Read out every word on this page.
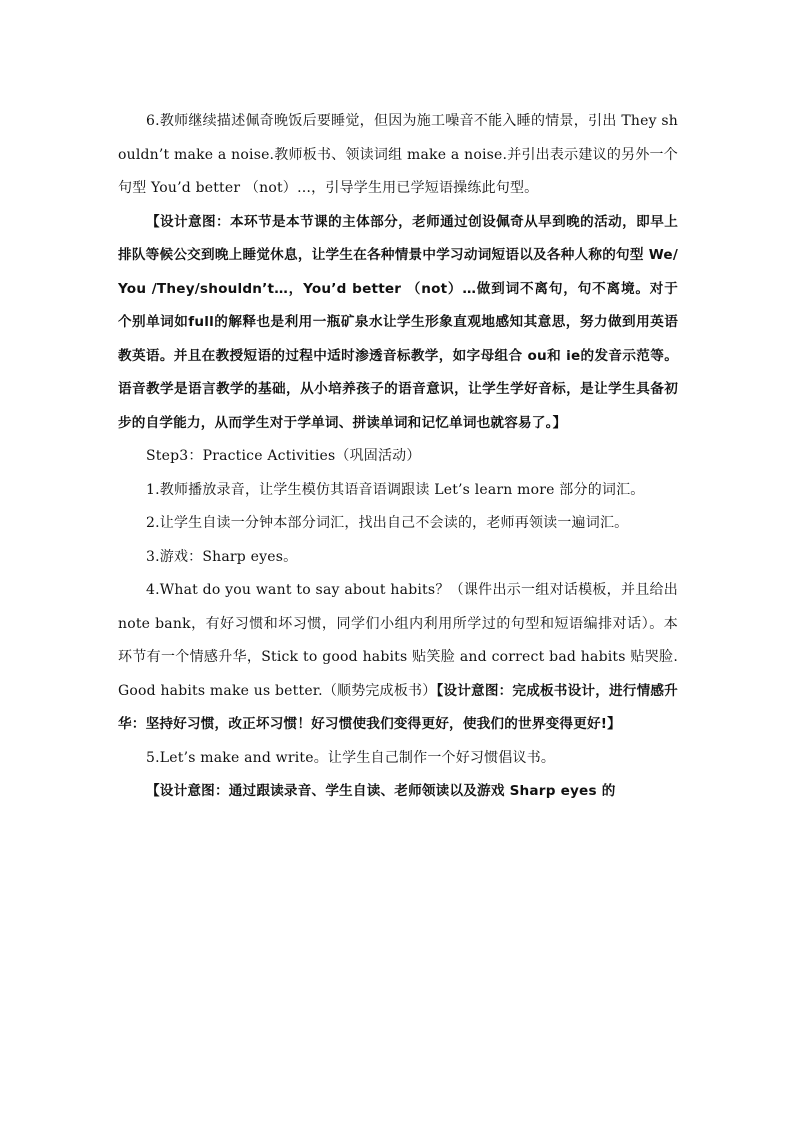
6.教师继续描述佩奇晚饭后要睡觉，但因为施工噪音不能入睡的情景，引出 They shouldn’t make a noise.教师板书、领读词组 make a noise.并引出表示建议的另外一个句型 You’d better （not）…，引导学生用已学短语操练此句型。

【设计意图：本环节是本节课的主体部分，老师通过创设佩奇从早到晚的活动，即早上排队等候公交到晚上睡觉休息，让学生在各种情景中学习动词短语以及各种人称的句型 We/You /They/shouldn’t…，You’d better （not）…做到词不离句，句不离境。对于个别单词如full的解释也是利用一瓶矿泉水让学生形象直观地感知其意思，努力做到用英语教英语。并且在教授短语的过程中适时渗透音标教学，如字母组合 ou和 ie的发音示范等。语音教学是语言教学的基础，从小培养孩子的语音意识，让学生学好音标，是让学生具备初步的自学能力，从而学生对于学单词、拼读单词和记忆单词也就容易了。】

Step3：Practice Activities（巩固活动）

1.教师播放录音，让学生模仿其语音语调跟读 Let’s learn more 部分的词汇。

2.让学生自读一分钟本部分词汇，找出自己不会读的，老师再领读一遍词汇。

3.游戏：Sharp eyes。

4.What do you want to say about habits？（课件出示一组对话模板，并且给出 note bank，有好习惯和坏习惯，同学们小组内利用所学过的句型和短语编排对话）。本环节有一个情感升华，Stick to good habits 贴笑脸 and correct bad habits 贴哭脸.Good habits make us better.（顺势完成板书）【设计意图：完成板书设计，进行情感升华：坚持好习惯，改正坏习惯！好习惯使我们变得更好，使我们的世界变得更好!】

5.Let’s make and write。让学生自己制作一个好习惯倡议书。

【设计意图：通过跟读录音、学生自读、老师领读以及游戏 Sharp eyes 的
